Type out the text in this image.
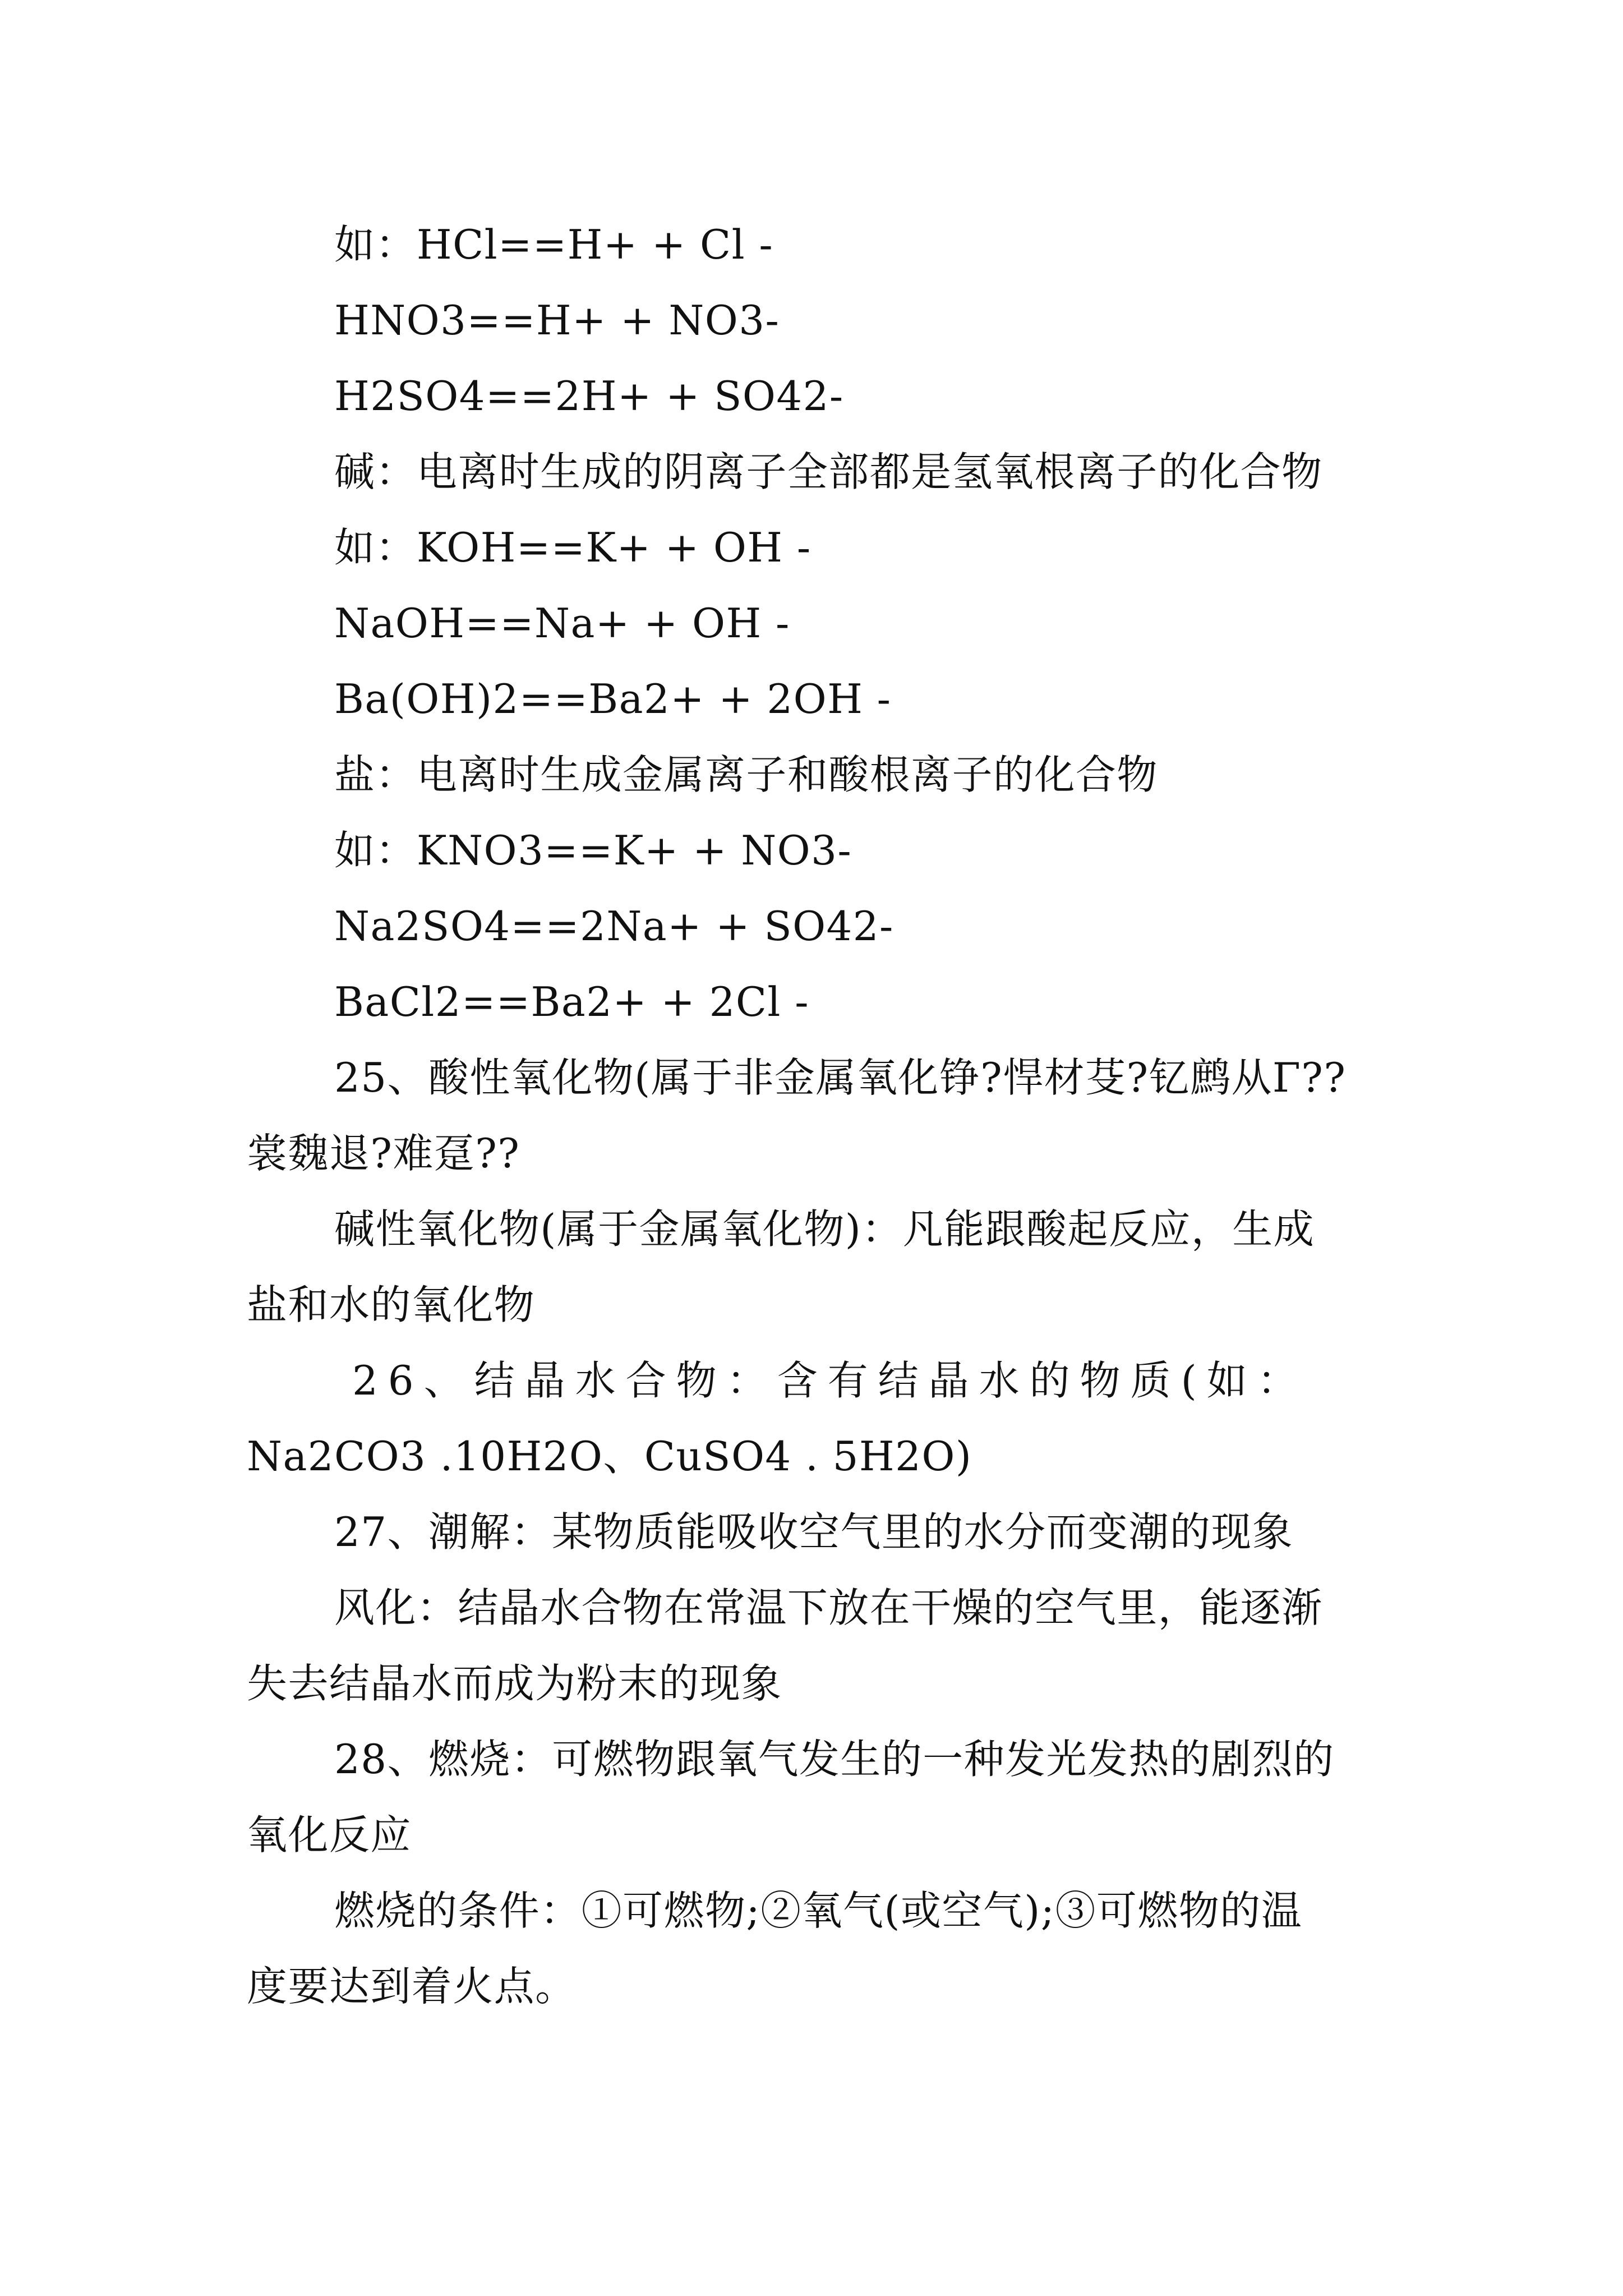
如：HCl==H+ + Cl -
HNO3==H+ + NO3-
H2SO4==2H+ + SO42-
碱：电离时生成的阴离子全部都是氢氧根离子的化合物
如：KOH==K+ + OH -
NaOH==Na+ + OH -
Ba(OH)2==Ba2+ + 2OH -
盐：电离时生成金属离子和酸根离子的化合物
如：KNO3==K+ + NO3-
Na2SO4==2Na+ + SO42-
BaCl2==Ba2+ + 2Cl -
25、酸性氧化物(属于非金属氧化铮?悍材芟?钇鹧从Γ??
裳魏退?难趸??
碱性氧化物(属于金属氧化物)：凡能跟酸起反应，生成
盐和水的氧化物
26、结晶水合物：含有结晶水的物质(如：
Na2CO3 .10H2O、CuSO4 . 5H2O)
27、潮解：某物质能吸收空气里的水分而变潮的现象
风化：结晶水合物在常温下放在干燥的空气里，能逐渐
失去结晶水而成为粉末的现象
28、燃烧：可燃物跟氧气发生的一种发光发热的剧烈的
氧化反应
燃烧的条件：①可燃物;②氧气(或空气);③可燃物的温
度要达到着火点。
